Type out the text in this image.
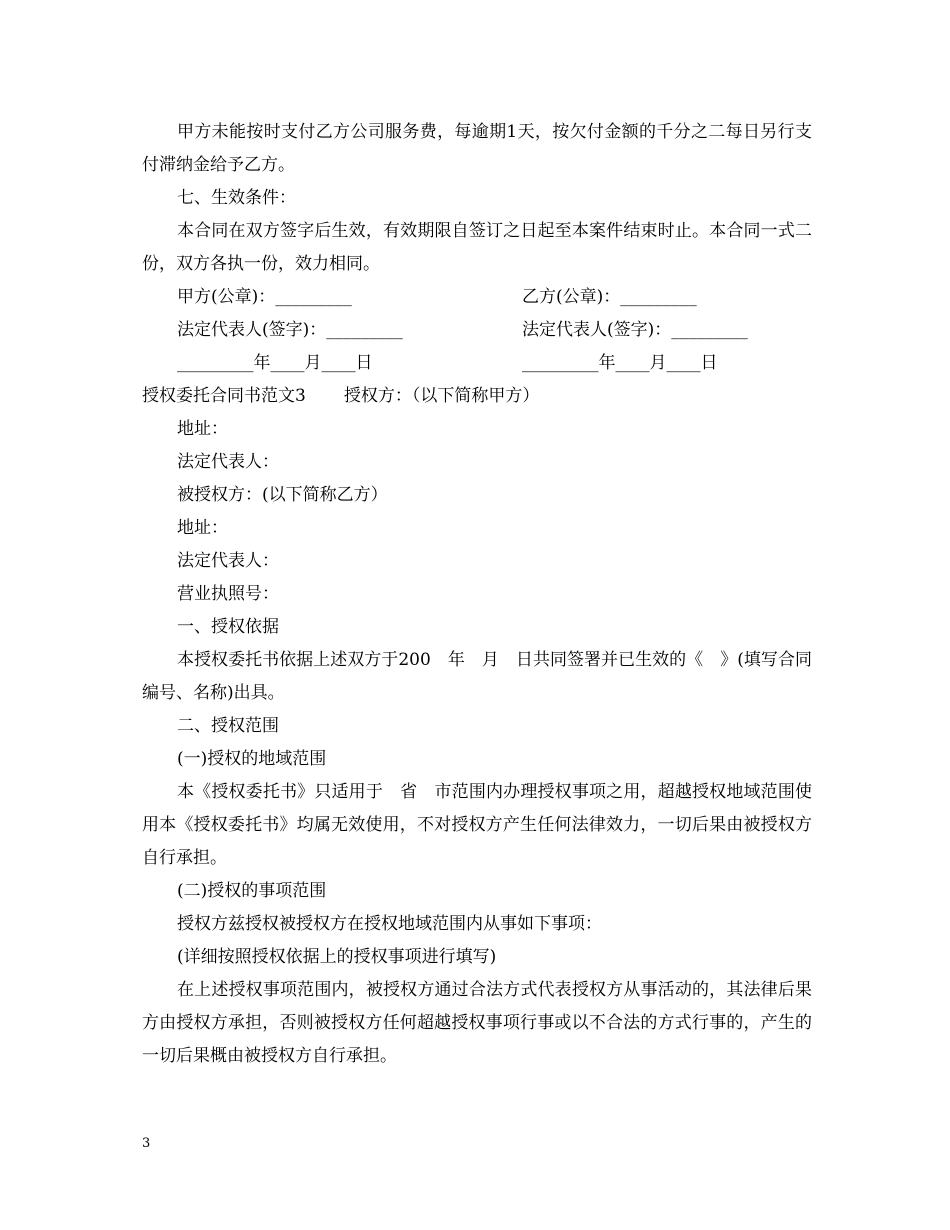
甲方未能按时支付乙方公司服务费，每逾期1天，按欠付金额的千分之二每日另行支付滞纳金给予乙方。

七、生效条件：

本合同在双方签字后生效，有效期限自签订之日起至本案件结束时止。本合同一式二份，双方各执一份，效力相同。

甲方(公章)：_________	乙方(公章)：_________
法定代表人(签字)：_________	法定代表人(签字)：_________
_________年____月____日	_________年____月____日
授权委托合同书范文3 授权方：（以下简称甲方）

地址：

法定代表人：

被授权方：(以下简称乙方）

地址：

法定代表人：

营业执照号：

一、授权依据

本授权委托书依据上述双方于200　年　月　日共同签署并已生效的《　》(填写合同编号、名称)出具。

二、授权范围

(一)授权的地域范围

本《授权委托书》只适用于　省　市范围内办理授权事项之用，超越授权地域范围使用本《授权委托书》均属无效使用，不对授权方产生任何法律效力，一切后果由被授权方自行承担。

(二)授权的事项范围

授权方兹授权被授权方在授权地域范围内从事如下事项：

(详细按照授权依据上的授权事项进行填写)

在上述授权事项范围内，被授权方通过合法方式代表授权方从事活动的，其法律后果方由授权方承担，否则被授权方任何超越授权事项行事或以不合法的方式行事的，产生的一切后果概由被授权方自行承担。

3
